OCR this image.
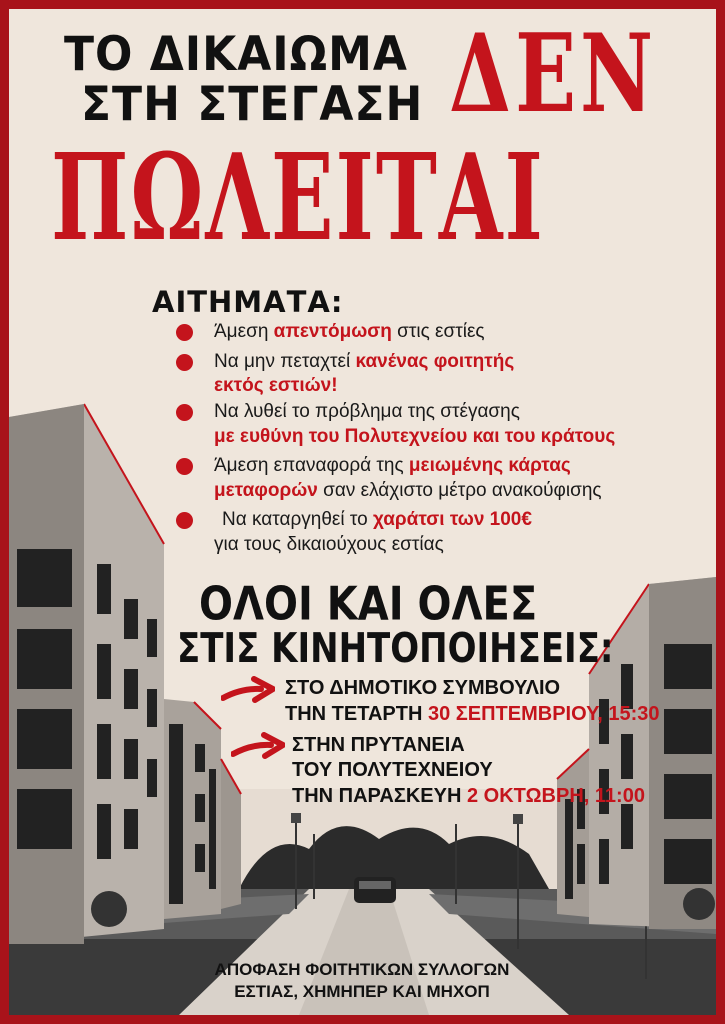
ΤΟ ΔΙΚΑΙΩΜΑ
ΣΤΗ ΣΤΕΓΑΣΗ ΔΕΝ
ΠΩΛΕΙΤΑΙ
ΑΙΤΗΜΑΤΑ:
Άμεση απεντόμωση στις εστίες
Να μην πεταχτεί κανένας φοιτητής
εκτός εστιών!
Να λυθεί το πρόβλημα της στέγασης
με ευθύνη του Πολυτεχνείου και του κράτους
Άμεση επαναφορά της μειωμένης κάρτας
μεταφορών σαν ελάχιστο μέτρο ανακούφισης
Να καταργηθεί το χαράτσι των 100€
για τους δικαιούχους εστίας
ΟΛΟΙ ΚΑΙ ΟΛΕΣ
ΣΤΙΣ ΚΙΝΗΤΟΠΟΙΗΣΕΙΣ:
ΣΤΟ ΔΗΜΟΤΙΚΟ ΣΥΜΒΟΥΛΙΟ
ΤΗΝ ΤΕΤΑΡΤΗ 30 ΣΕΠΤΕΜΒΡΙΟΥ, 15:30
ΣΤΗΝ ΠΡΥΤΑΝΕΙΑ
ΤΟΥ ΠΟΛΥΤΕΧΝΕΙΟΥ
ΤΗΝ ΠΑΡΑΣΚΕΥΗ 2 ΟΚΤΩΒΡΗ, 11:00
ΑΠΟΦΑΣΗ ΦΟΙΤΗΤΙΚΩΝ ΣΥΛΛΟΓΩΝ
ΕΣΤΙΑΣ, ΧΗΜΗΠΕΡ ΚΑΙ ΜΗΧΟΠ
